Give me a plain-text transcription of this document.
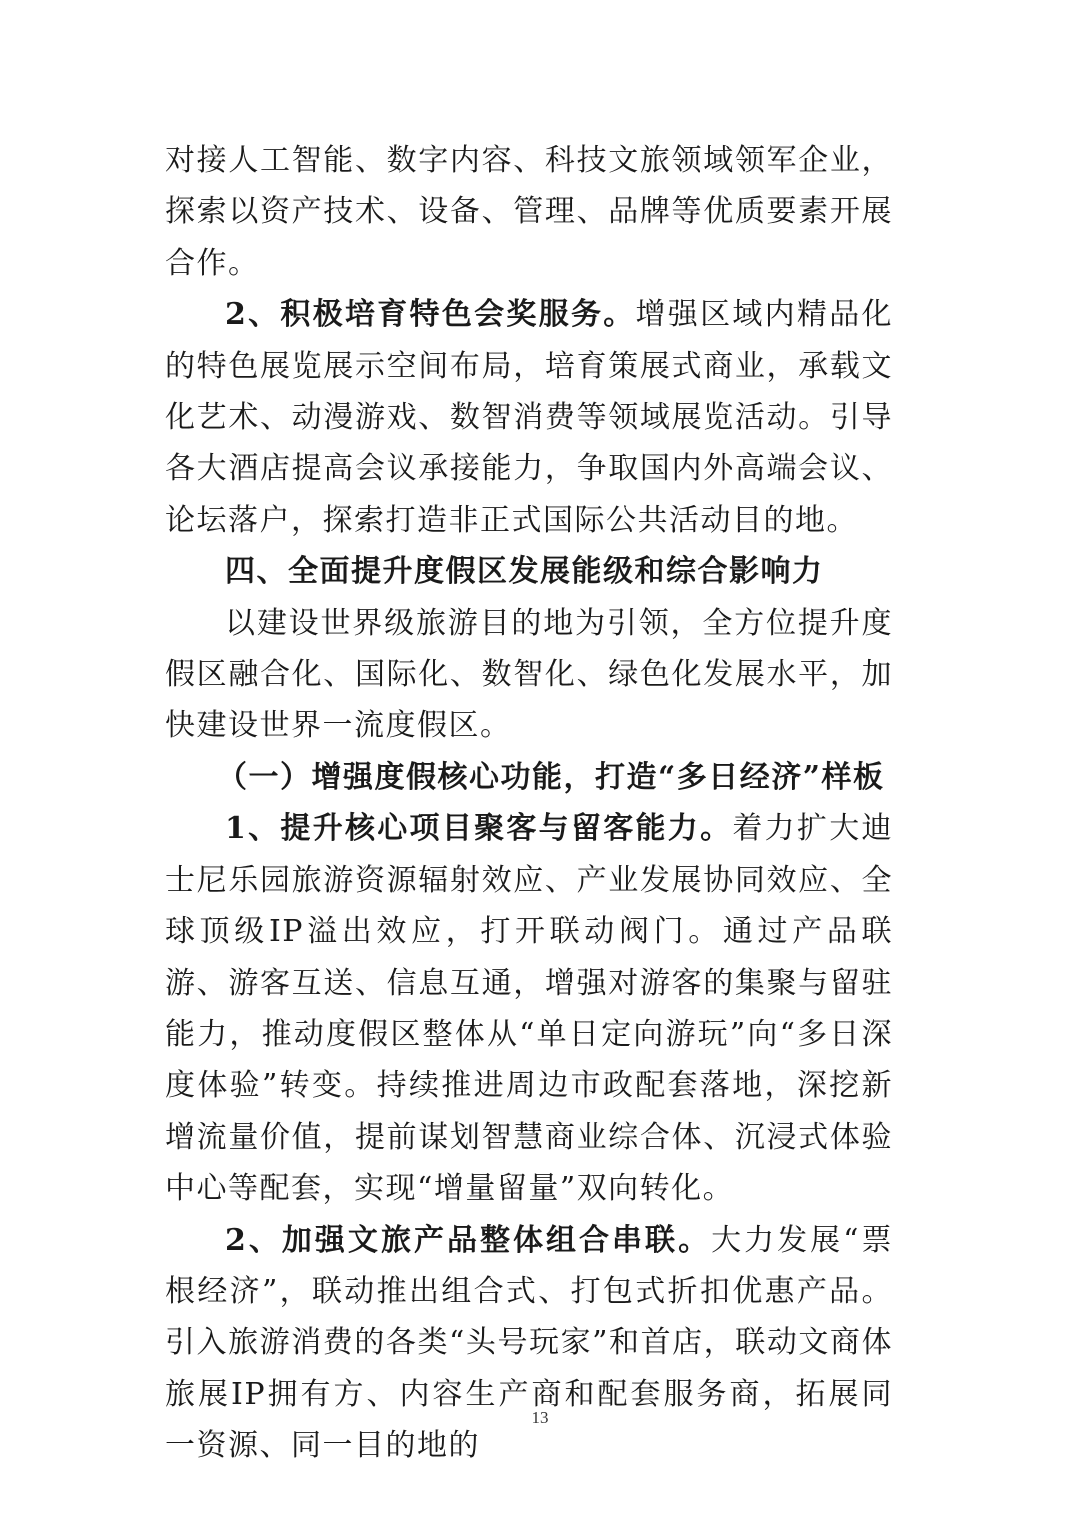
对接人工智能、数字内容、科技文旅领域领军企业，探索以资产技术、设备、管理、品牌等优质要素开展合作。

2、积极培育特色会奖服务。增强区域内精品化的特色展览展示空间布局，培育策展式商业，承载文化艺术、动漫游戏、数智消费等领域展览活动。引导各大酒店提高会议承接能力，争取国内外高端会议、论坛落户，探索打造非正式国际公共活动目的地。

四、全面提升度假区发展能级和综合影响力

以建设世界级旅游目的地为引领，全方位提升度假区融合化、国际化、数智化、绿色化发展水平，加快建设世界一流度假区。

（一）增强度假核心功能，打造“多日经济”样板

1、提升核心项目聚客与留客能力。着力扩大迪士尼乐园旅游资源辐射效应、产业发展协同效应、全球顶级IP溢出效应，打开联动阀门。通过产品联游、游客互送、信息互通，增强对游客的集聚与留驻能力，推动度假区整体从“单日定向游玩”向“多日深度体验”转变。持续推进周边市政配套落地，深挖新增流量价值，提前谋划智慧商业综合体、沉浸式体验中心等配套，实现“增量留量”双向转化。

2、加强文旅产品整体组合串联。大力发展“票根经济”，联动推出组合式、打包式折扣优惠产品。引入旅游消费的各类“头号玩家”和首店，联动文商体旅展IP拥有方、内容生产商和配套服务商，拓展同一资源、同一目的地的

13
